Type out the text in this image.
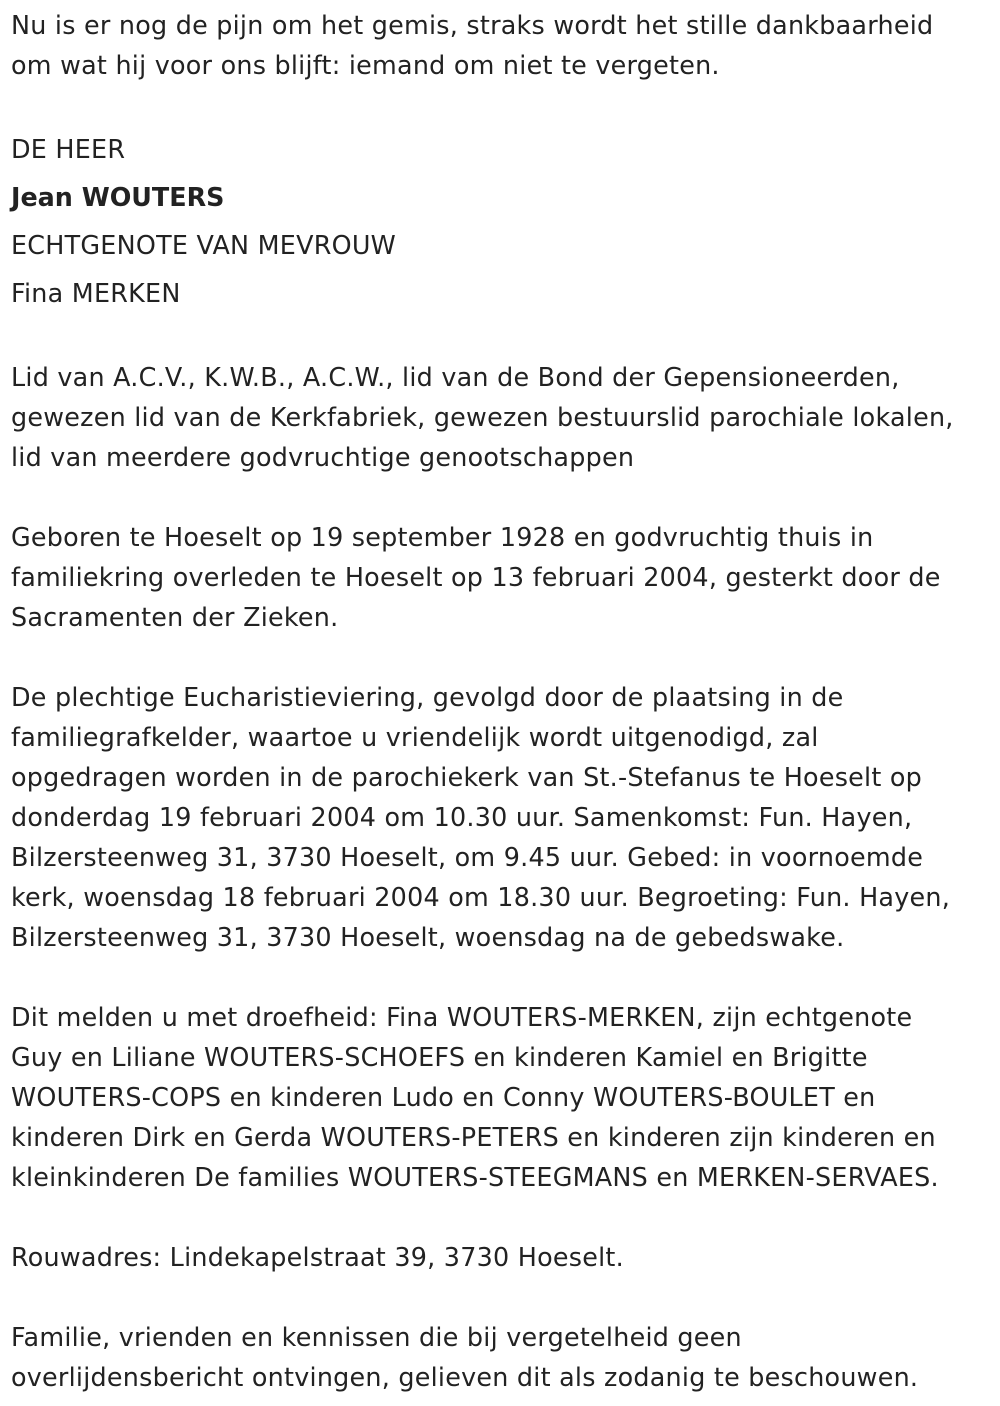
Nu is er nog de pijn om het gemis, straks wordt het stille dankbaarheid
om wat hij voor ons blijft: iemand om niet te vergeten.
DE HEER
Jean WOUTERS
ECHTGENOTE VAN MEVROUW
Fina MERKEN
Lid van A.C.V., K.W.B., A.C.W., lid van de Bond der Gepensioneerden,
gewezen lid van de Kerkfabriek, gewezen bestuurslid parochiale lokalen,
lid van meerdere godvruchtige genootschappen
Geboren te Hoeselt op 19 september 1928 en godvruchtig thuis in
familiekring overleden te Hoeselt op 13 februari 2004, gesterkt door de
Sacramenten der Zieken.
De plechtige Eucharistieviering, gevolgd door de plaatsing in de
familiegrafkelder, waartoe u vriendelijk wordt uitgenodigd, zal
opgedragen worden in de parochiekerk van St.-Stefanus te Hoeselt op
donderdag 19 februari 2004 om 10.30 uur. Samenkomst: Fun. Hayen,
Bilzersteenweg 31, 3730 Hoeselt, om 9.45 uur. Gebed: in voornoemde
kerk, woensdag 18 februari 2004 om 18.30 uur. Begroeting: Fun. Hayen,
Bilzersteenweg 31, 3730 Hoeselt, woensdag na de gebedswake.
Dit melden u met droefheid: Fina WOUTERS-MERKEN, zijn echtgenote
Guy en Liliane WOUTERS-SCHOEFS en kinderen Kamiel en Brigitte
WOUTERS-COPS en kinderen Ludo en Conny WOUTERS-BOULET en
kinderen Dirk en Gerda WOUTERS-PETERS en kinderen zijn kinderen en
kleinkinderen De families WOUTERS-STEEGMANS en MERKEN-SERVAES.
Rouwadres: Lindekapelstraat 39, 3730 Hoeselt.
Familie, vrienden en kennissen die bij vergetelheid geen
overlijdensbericht ontvingen, gelieven dit als zodanig te beschouwen.
